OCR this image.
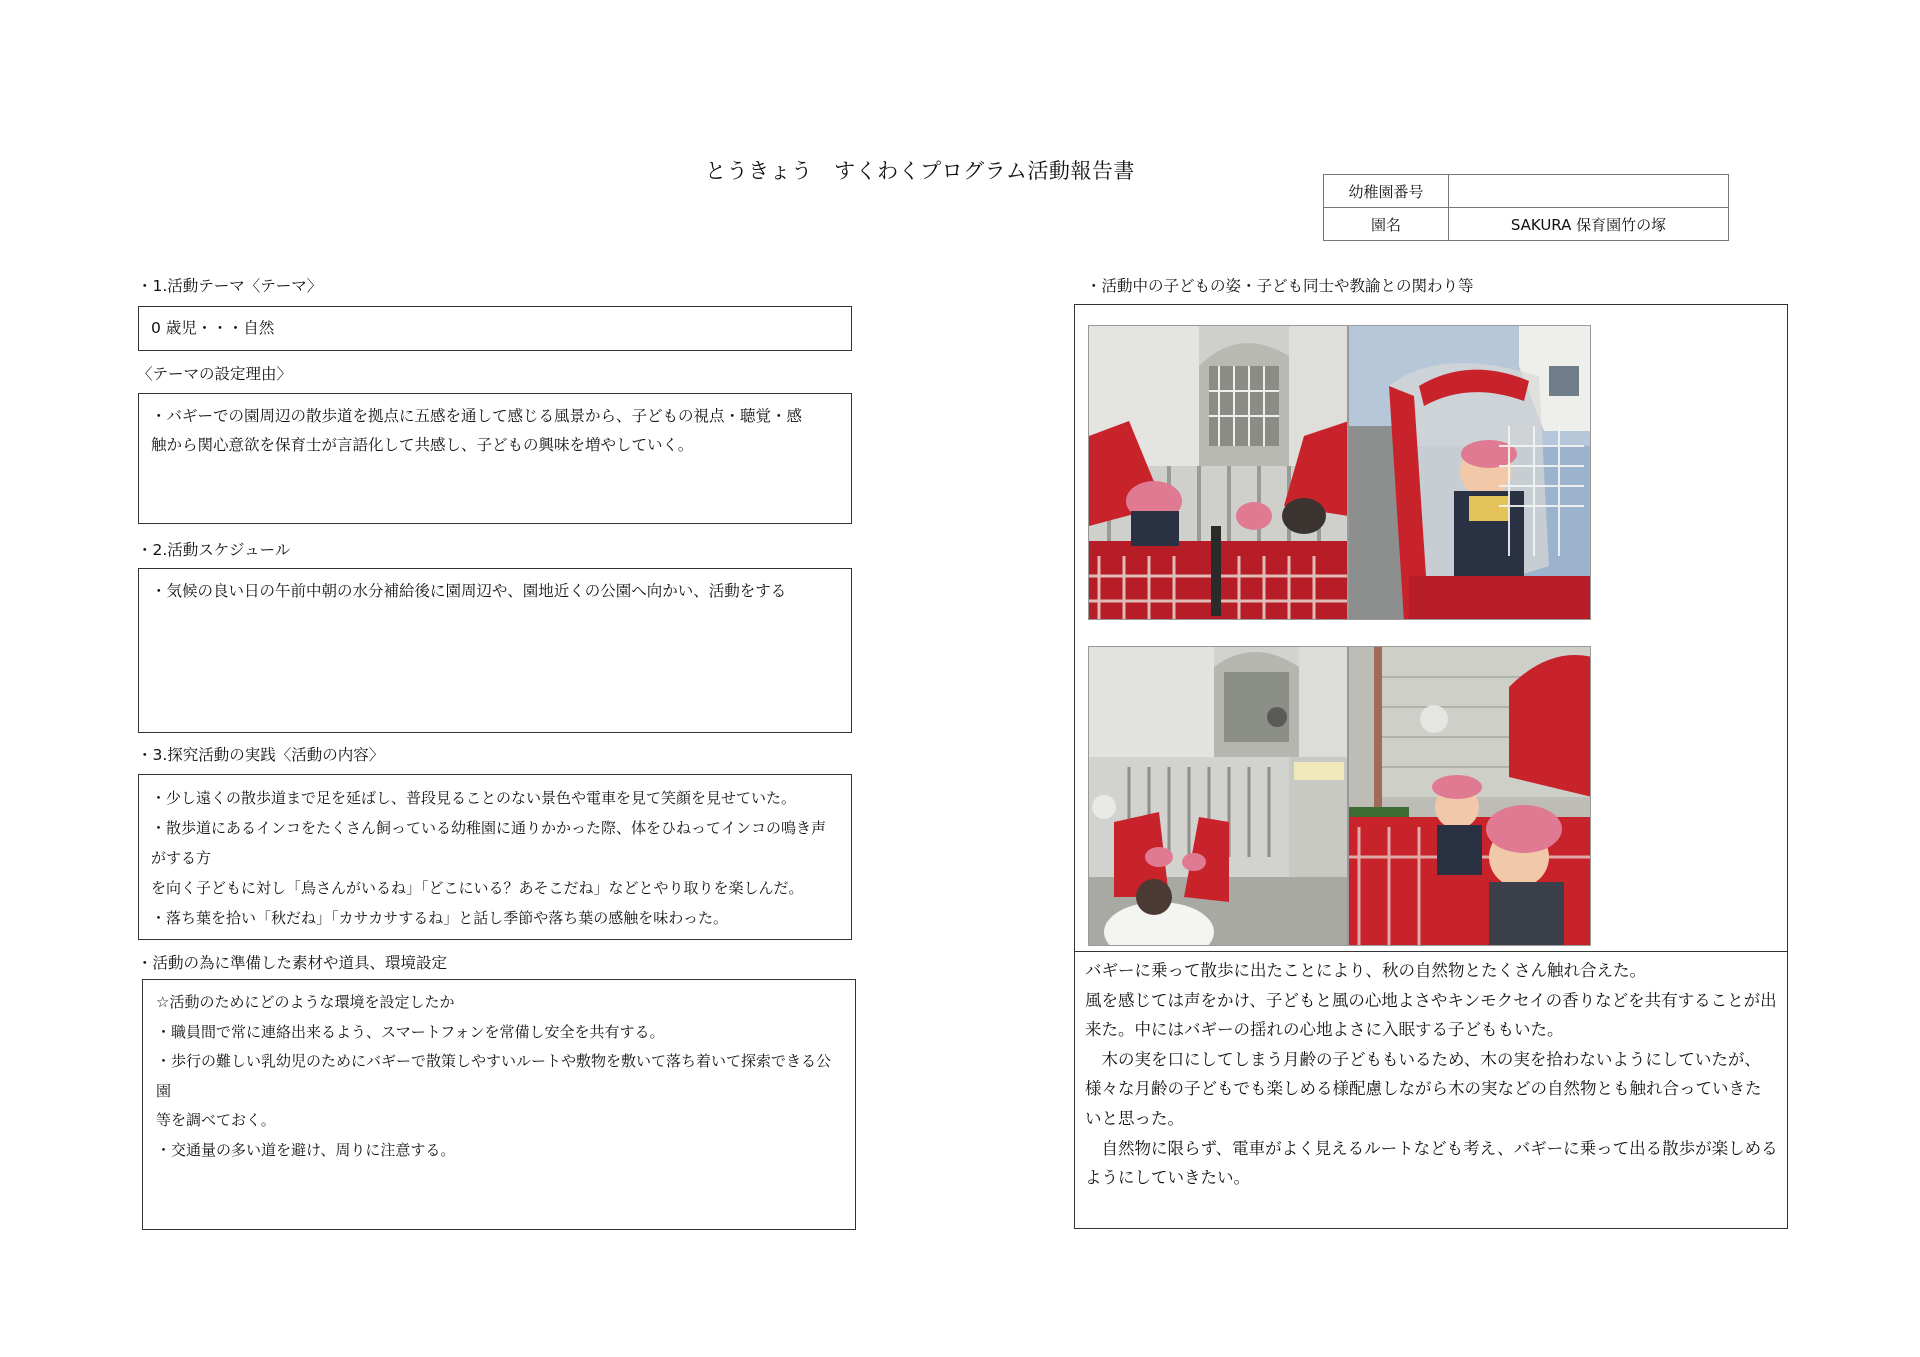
とうきょう　すくわくプログラム活動報告書
幼稚園番号	
園名	SAKURA 保育園竹の塚
・1.活動テーマ〈テーマ〉

0 歳児・・・自然

〈テーマの設定理由〉

・バギーでの園周辺の散歩道を拠点に五感を通して感じる風景から、子どもの視点・聴覚・感

触から関心意欲を保育士が言語化して共感し、子どもの興味を増やしていく。

・2.活動スケジュール

・気候の良い日の午前中朝の水分補給後に園周辺や、園地近くの公園へ向かい、活動をする

・3.探究活動の実践〈活動の内容〉

・少し遠くの散歩道まで足を延ばし、普段見ることのない景色や電車を見て笑顔を見せていた。

・散歩道にあるインコをたくさん飼っている幼稚園に通りかかった際、体をひねってインコの鳴き声がする方

を向く子どもに対し「鳥さんがいるね」「どこにいる？あそこだね」などとやり取りを楽しんだ。

・落ち葉を拾い「秋だね」「カサカサするね」と話し季節や落ち葉の感触を味わった。

・活動の為に準備した素材や道具、環境設定

☆活動のためにどのような環境を設定したか

・職員間で常に連絡出来るよう、スマートフォンを常備し安全を共有する。

・歩行の難しい乳幼児のためにバギーで散策しやすいルートや敷物を敷いて落ち着いて探索できる公園

等を調べておく。

・交通量の多い道を避け、周りに注意する。

・活動中の子どもの姿・子ども同士や教諭との関わり等

バギーに乗って散歩に出たことにより、秋の自然物とたくさん触れ合えた。

風を感じては声をかけ、子どもと風の心地よさやキンモクセイの香りなどを共有することが出

来た。中にはバギーの揺れの心地よさに入眠する子どももいた。

　木の実を口にしてしまう月齢の子どももいるため、木の実を拾わないようにしていたが、

様々な月齢の子どもでも楽しめる様配慮しながら木の実などの自然物とも触れ合っていきた

いと思った。

　自然物に限らず、電車がよく見えるルートなども考え、バギーに乗って出る散歩が楽しめる

ようにしていきたい。
